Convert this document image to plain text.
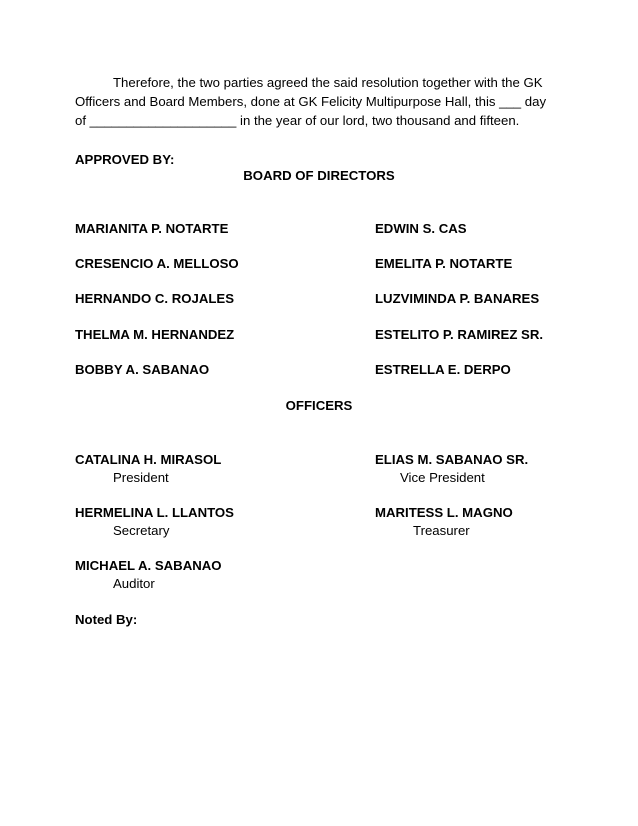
Therefore, the two parties agreed the said resolution together with the GK
Officers and Board Members, done at GK Felicity Multipurpose Hall, this ___ day
of ____________________ in the year of our lord, two thousand and fifteen.
APPROVED BY:
BOARD OF DIRECTORS
MARIANITA P. NOTARTE
CRESENCIO A. MELLOSO
HERNANDO C. ROJALES
THELMA M. HERNANDEZ
BOBBY A. SABANAO
EDWIN S. CAS
EMELITA P. NOTARTE
LUZVIMINDA P. BANARES
ESTELITO P. RAMIREZ SR.
ESTRELLA E. DERPO
OFFICERS
CATALINA H. MIRASOL
President
ELIAS M. SABANAO SR.
Vice President
HERMELINA L. LLANTOS
Secretary
MARITESS L. MAGNO
Treasurer
MICHAEL A. SABANAO
Auditor
Noted By:
